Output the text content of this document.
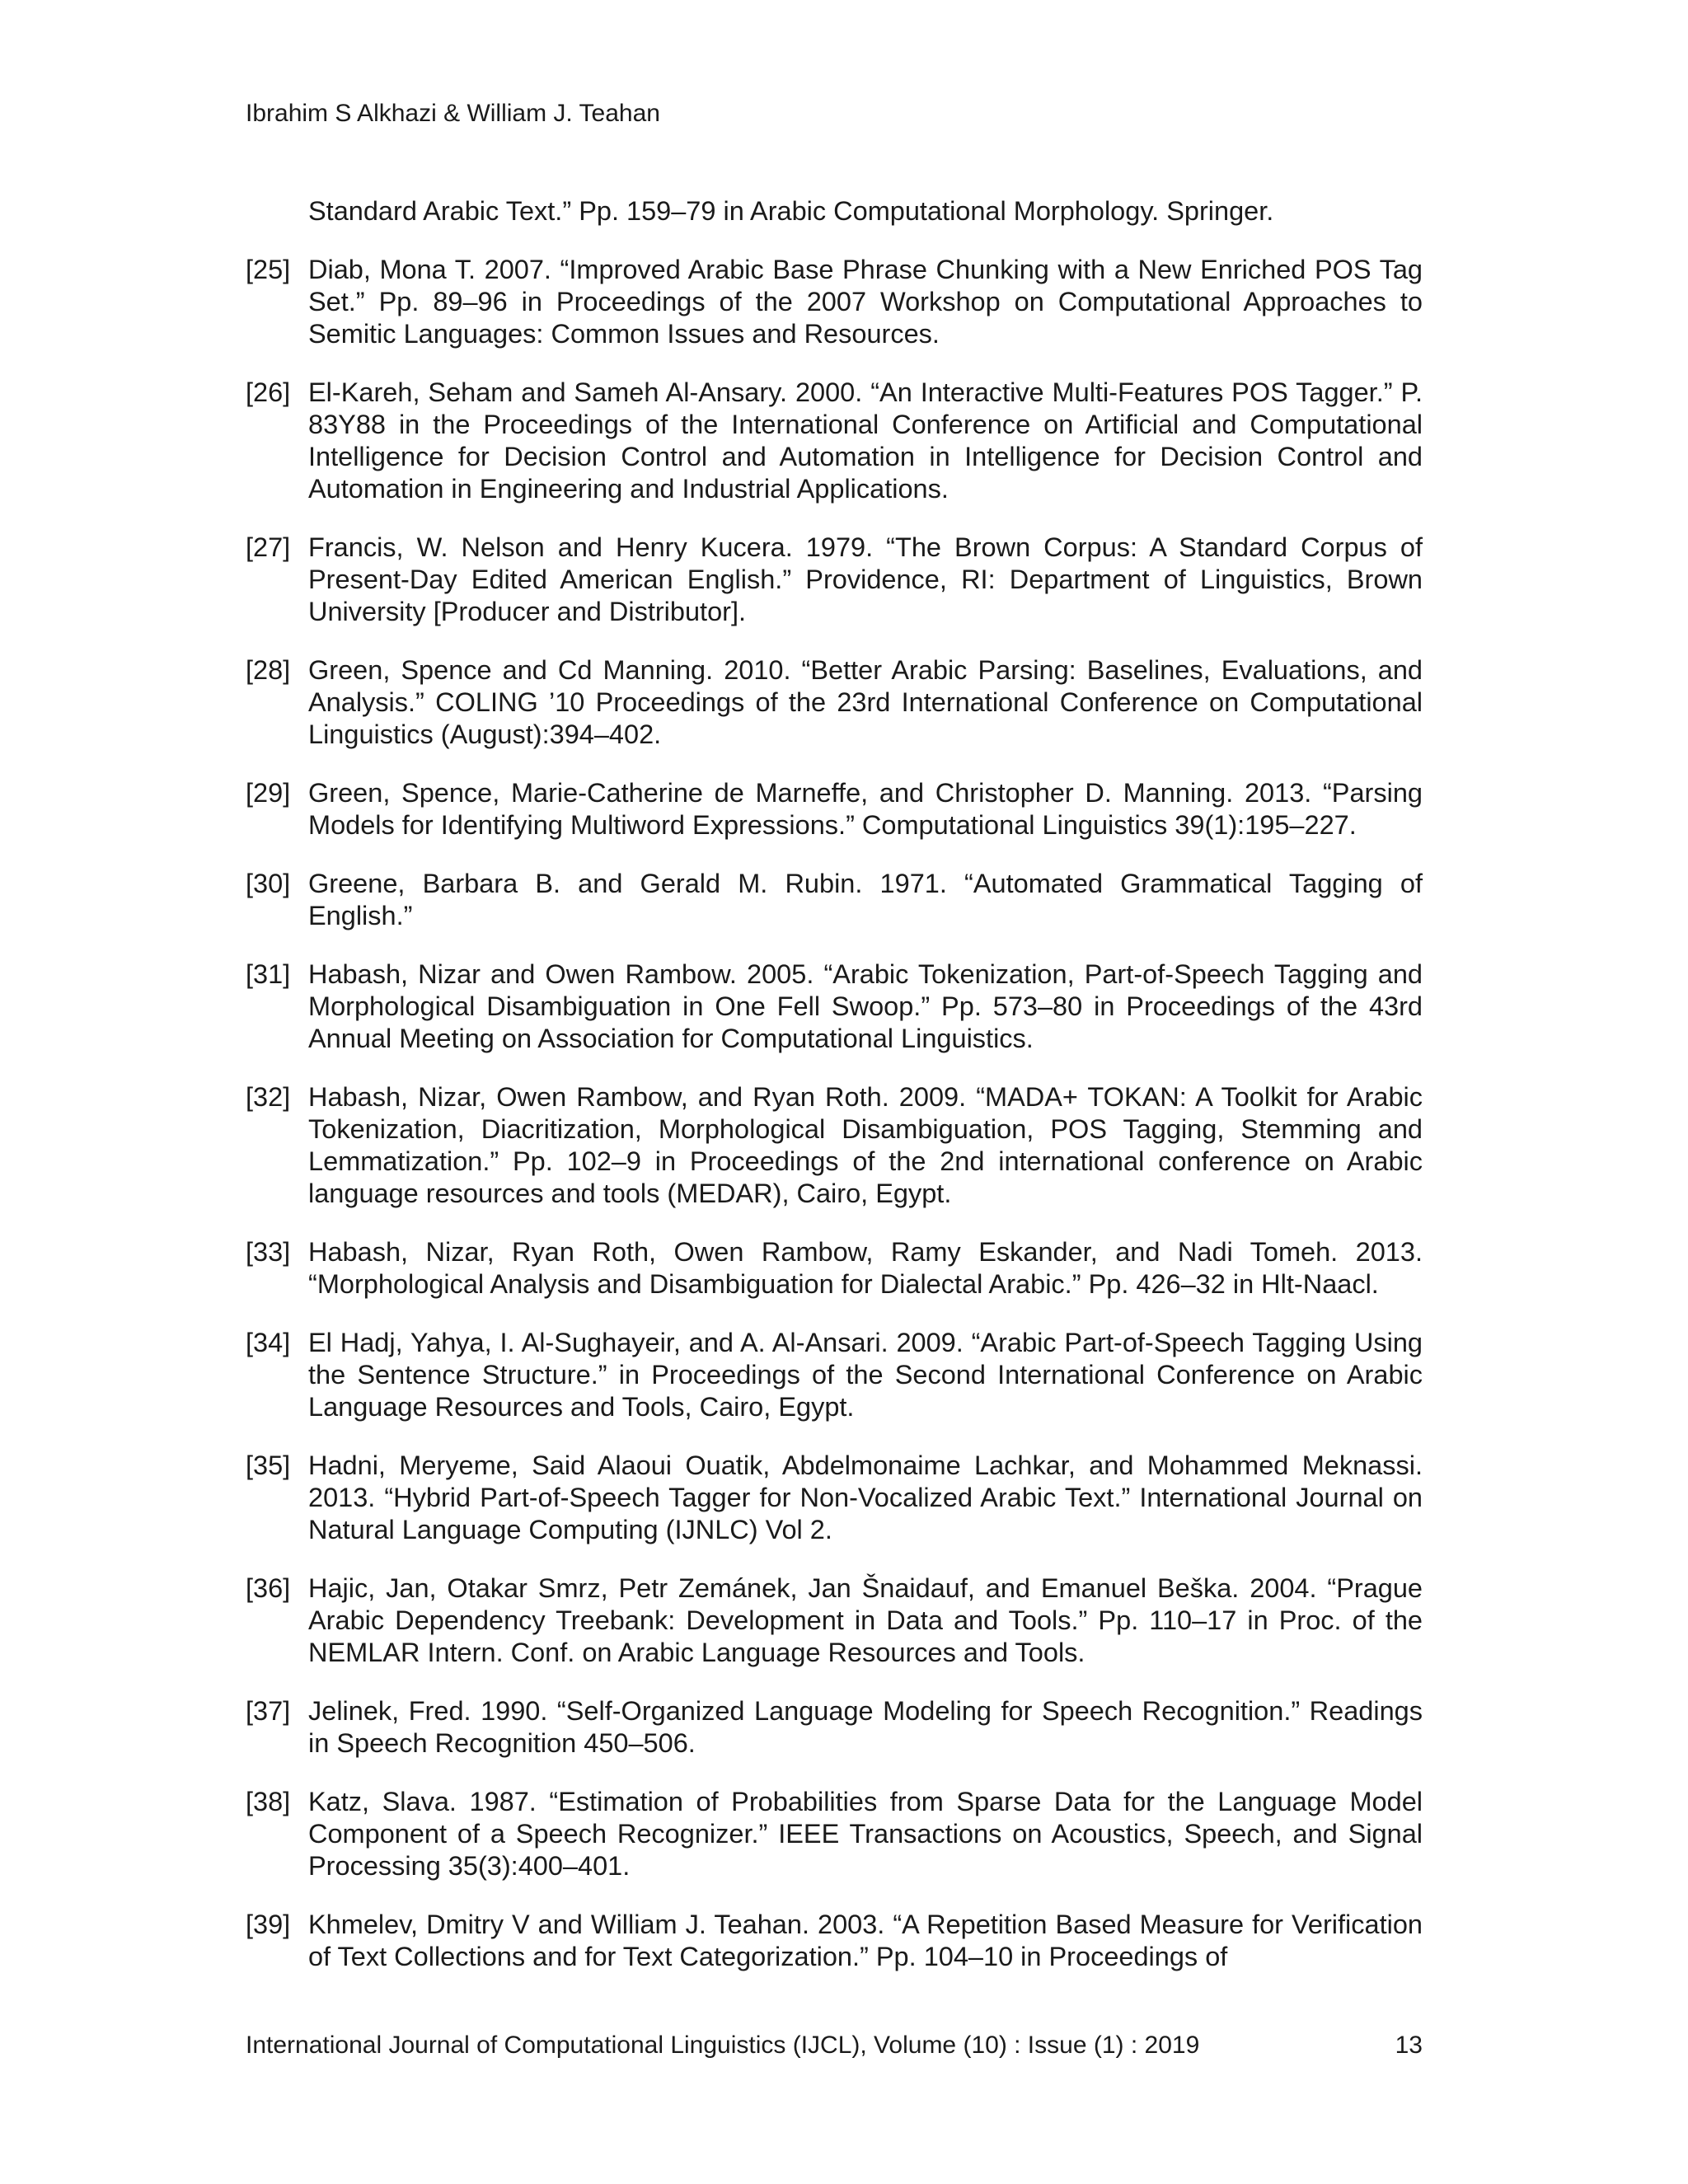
Ibrahim S Alkhazi & William J. Teahan
Standard Arabic Text.” Pp. 159–79 in Arabic Computational Morphology. Springer.
[25] Diab, Mona T. 2007. “Improved Arabic Base Phrase Chunking with a New Enriched POS Tag Set.” Pp. 89–96 in Proceedings of the 2007 Workshop on Computational Approaches to Semitic Languages: Common Issues and Resources.
[26] El-Kareh, Seham and Sameh Al-Ansary. 2000. “An Interactive Multi-Features POS Tagger.” P. 83Y88 in the Proceedings of the International Conference on Artificial and Computational Intelligence for Decision Control and Automation in Intelligence for Decision Control and Automation in Engineering and Industrial Applications.
[27] Francis, W. Nelson and Henry Kucera. 1979. “The Brown Corpus: A Standard Corpus of Present-Day Edited American English.” Providence, RI: Department of Linguistics, Brown University [Producer and Distributor].
[28] Green, Spence and Cd Manning. 2010. “Better Arabic Parsing: Baselines, Evaluations, and Analysis.” COLING ’10 Proceedings of the 23rd International Conference on Computational Linguistics (August):394–402.
[29] Green, Spence, Marie-Catherine de Marneffe, and Christopher D. Manning. 2013. “Parsing Models for Identifying Multiword Expressions.” Computational Linguistics 39(1):195–227.
[30] Greene, Barbara B. and Gerald M. Rubin. 1971. “Automated Grammatical Tagging of English.”
[31] Habash, Nizar and Owen Rambow. 2005. “Arabic Tokenization, Part-of-Speech Tagging and Morphological Disambiguation in One Fell Swoop.” Pp. 573–80 in Proceedings of the 43rd Annual Meeting on Association for Computational Linguistics.
[32] Habash, Nizar, Owen Rambow, and Ryan Roth. 2009. “MADA+ TOKAN: A Toolkit for Arabic Tokenization, Diacritization, Morphological Disambiguation, POS Tagging, Stemming and Lemmatization.” Pp. 102–9 in Proceedings of the 2nd international conference on Arabic language resources and tools (MEDAR), Cairo, Egypt.
[33] Habash, Nizar, Ryan Roth, Owen Rambow, Ramy Eskander, and Nadi Tomeh. 2013. “Morphological Analysis and Disambiguation for Dialectal Arabic.” Pp. 426–32 in Hlt-Naacl.
[34] El Hadj, Yahya, I. Al-Sughayeir, and A. Al-Ansari. 2009. “Arabic Part-of-Speech Tagging Using the Sentence Structure.” in Proceedings of the Second International Conference on Arabic Language Resources and Tools, Cairo, Egypt.
[35] Hadni, Meryeme, Said Alaoui Ouatik, Abdelmonaime Lachkar, and Mohammed Meknassi. 2013. “Hybrid Part-of-Speech Tagger for Non-Vocalized Arabic Text.” International Journal on Natural Language Computing (IJNLC) Vol 2.
[36] Hajic, Jan, Otakar Smrz, Petr Zemánek, Jan Šnaidauf, and Emanuel Beška. 2004. “Prague Arabic Dependency Treebank: Development in Data and Tools.” Pp. 110–17 in Proc. of the NEMLAR Intern. Conf. on Arabic Language Resources and Tools.
[37] Jelinek, Fred. 1990. “Self-Organized Language Modeling for Speech Recognition.” Readings in Speech Recognition 450–506.
[38] Katz, Slava. 1987. “Estimation of Probabilities from Sparse Data for the Language Model Component of a Speech Recognizer.” IEEE Transactions on Acoustics, Speech, and Signal Processing 35(3):400–401.
[39] Khmelev, Dmitry V and William J. Teahan. 2003. “A Repetition Based Measure for Verification of Text Collections and for Text Categorization.” Pp. 104–10 in Proceedings of
International Journal of Computational Linguistics (IJCL), Volume (10) : Issue (1) : 2019	13
